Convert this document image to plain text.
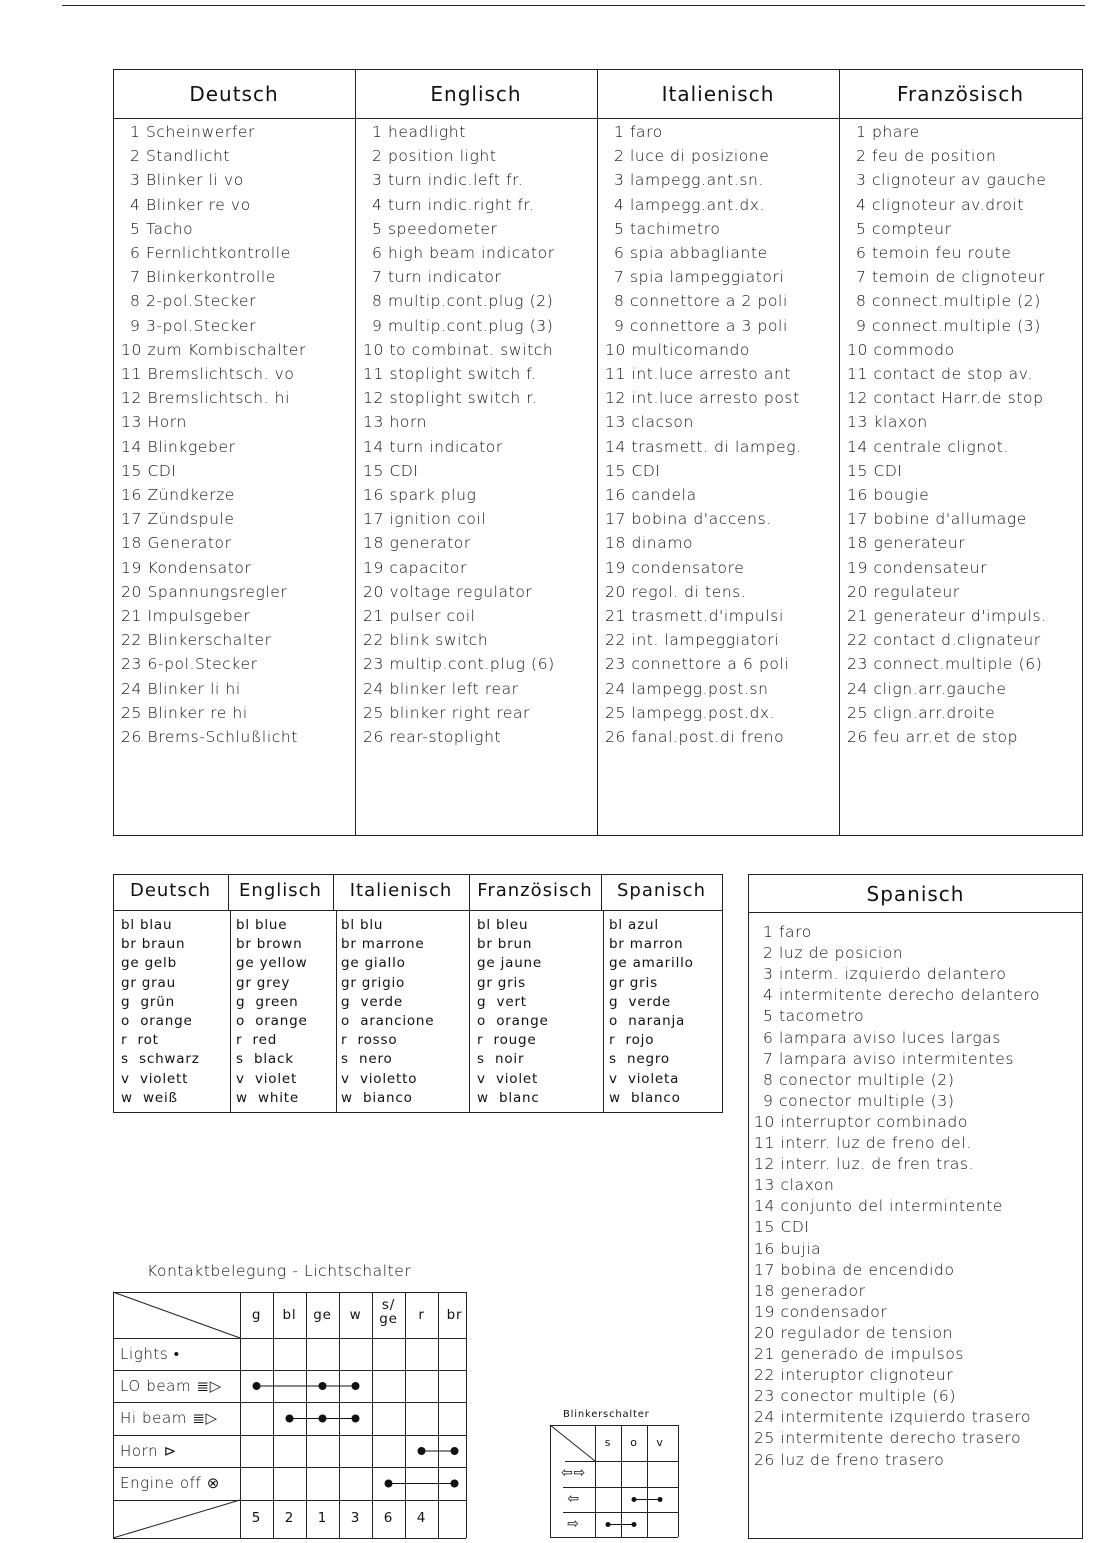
Deutsch
1 Scheinwerfer
2 Standlicht
3 Blinker li vo
4 Blinker re vo
5 Tacho
6 Fernlichtkontrolle
7 Blinkerkontrolle
8 2-pol.Stecker
9 3-pol.Stecker
10 zum Kombischalter
11 Bremslichtsch. vo
12 Bremslichtsch. hi
13 Horn
14 Blinkgeber
15 CDI
16 Zündkerze
17 Zündspule
18 Generator
19 Kondensator
20 Spannungsregler
21 Impulsgeber
22 Blinkerschalter
23 6-pol.Stecker
24 Blinker li hi
25 Blinker re hi
26 Brems-Schlußlicht
Englisch
1 headlight
2 position light
3 turn indic.left fr.
4 turn indic.right fr.
5 speedometer
6 high beam indicator
7 turn indicator
8 multip.cont.plug (2)
9 multip.cont.plug (3)
10 to combinat. switch
11 stoplight switch f.
12 stoplight switch r.
13 horn
14 turn indicator
15 CDI
16 spark plug
17 ignition coil
18 generator
19 capacitor
20 voltage regulator
21 pulser coil
22 blink switch
23 multip.cont.plug (6)
24 blinker left rear
25 blinker right rear
26 rear-stoplight
Italienisch
1 faro
2 luce di posizione
3 lampegg.ant.sn.
4 lampegg.ant.dx.
5 tachimetro
6 spia abbagliante
7 spia lampeggiatori
8 connettore a 2 poli
9 connettore a 3 poli
10 multicomando
11 int.luce arresto ant
12 int.luce arresto post
13 clacson
14 trasmett. di lampeg.
15 CDI
16 candela
17 bobina d'accens.
18 dinamo
19 condensatore
20 regol. di tens.
21 trasmett.d'impulsi
22 int. lampeggiatori
23 connettore a 6 poli
24 lampegg.post.sn
25 lampegg.post.dx.
26 fanal.post.di freno
Französisch
1 phare
2 feu de position
3 clignoteur av gauche
4 clignoteur av.droit
5 compteur
6 temoin feu route
7 temoin de clignoteur
8 connect.multiple (2)
9 connect.multiple (3)
10 commodo
11 contact de stop av.
12 contact Harr.de stop
13 klaxon
14 centrale clignot.
15 CDI
16 bougie
17 bobine d'allumage
18 generateur
19 condensateur
20 regulateur
21 generateur d'impuls.
22 contact d.clignateur
23 connect.multiple (6)
24 clign.arr.gauche
25 clign.arr.droite
26 feu arr.et de stop
Deutsch
bl blau
br braun
ge gelb
gr grau
g  grün
o  orange
r  rot
s  schwarz
v  violett
w  weiß
Englisch
bl blue
br brown
ge yellow
gr grey
g  green
o  orange
r  red
s  black
v  violet
w  white
Italienisch
bl blu
br marrone
ge giallo
gr grigio
g  verde
o  arancione
r  rosso
s  nero
v  violetto
w  bianco
Französisch
bl bleu
br brun
ge jaune
gr gris
g  vert
o  orange
r  rouge
s  noir
v  violet
w  blanc
Spanisch
bl azul
br marron
ge amarillo
gr gris
g  verde
o  naranja
r  rojo
s  negro
v  violeta
w  blanco
Spanisch
1 faro
2 luz de posicion
3 interm. izquierdo delantero
4 intermitente derecho delantero
5 tacometro
6 lampara aviso luces largas
7 lampara aviso intermitentes
8 conector multiple (2)
9 conector multiple (3)
10 interruptor combinado
11 interr. luz de freno del.
12 interr. luz. de fren tras.
13 claxon
14 conjunto del intermintente
15 CDI
16 bujia
17 bobina de encendido
18 generador
19 condensador
20 regulador de tension
21 generado de impulsos
22 interuptor clignoteur
23 conector multiple (6)
24 intermitente izquierdo trasero
25 intermitente derecho trasero
26 luz de freno trasero
Kontaktbelegung - Lichtschalter
g
5
bl
2
ge
1
w
3
s/ ge
6
r
4
br
Lights •
LO beam ≣▷
Hi beam ≣▷
Horn ⊳
Engine off ⊗
Blinkerschalter
s	o	v
⇦⇨
⇦
⇨
